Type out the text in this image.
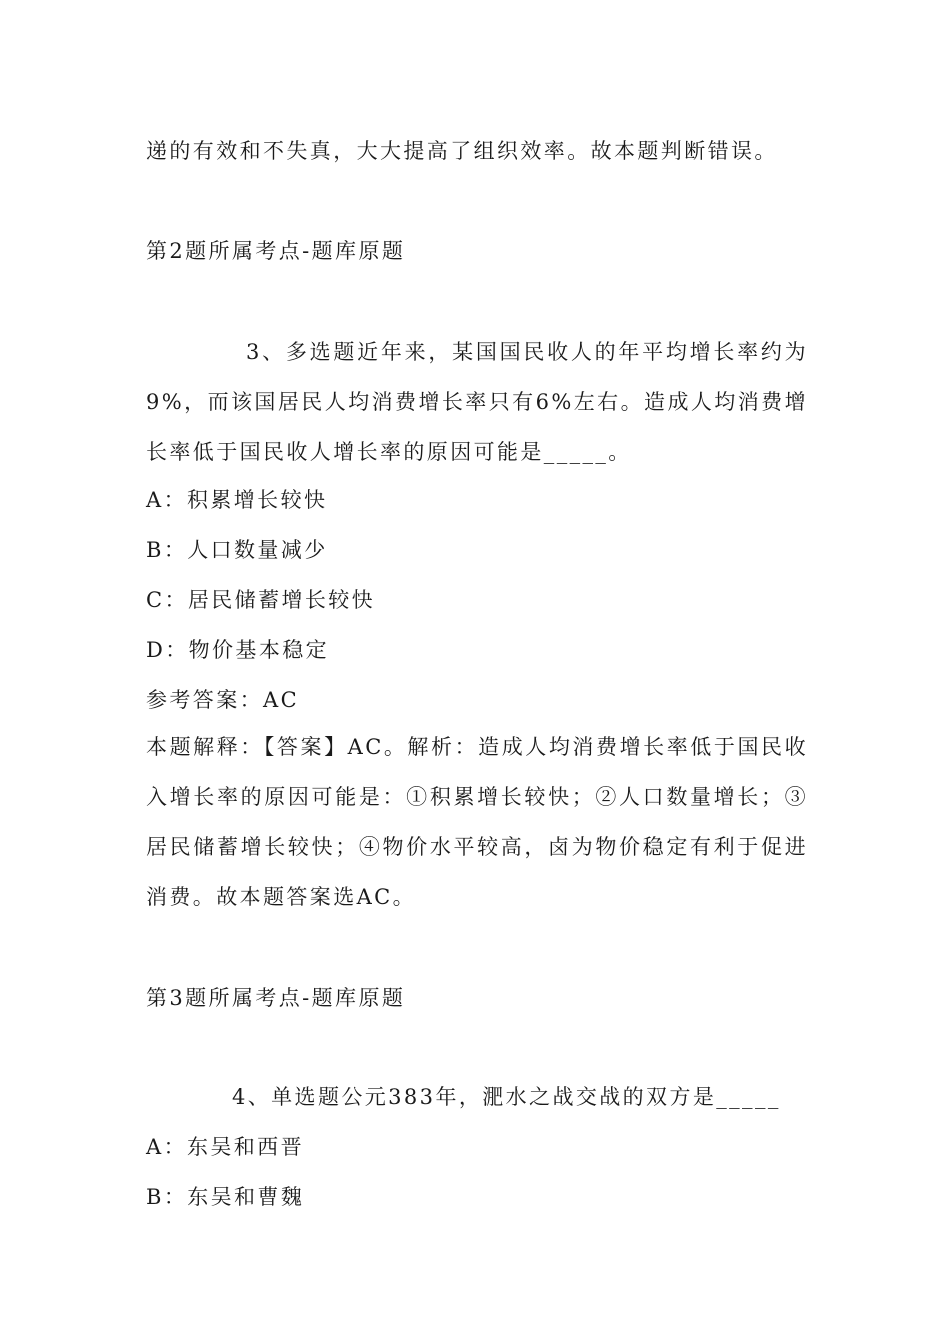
递的有效和不失真，大大提高了组织效率。故本题判断错误。
第2题所属考点-题库原题
3、多选题近年来，某国国民收人的年平均增长率约为9%，而该国居民人均消费增长率只有6%左右。造成人均消费增长率低于国民收人增长率的原因可能是_____。
A：积累增长较快
B：人口数量减少
C：居民储蓄增长较快
D：物价基本稳定
参考答案：AC
本题解释：【答案】AC。解析：造成人均消费增长率低于国民收入增长率的原因可能是：①积累增长较快；②人口数量增长；③居民储蓄增长较快；④物价水平较高，卤为物价稳定有利于促进消费。故本题答案选AC。
第3题所属考点-题库原题
4、单选题公元383年，淝水之战交战的双方是_____
A：东吴和西晋
B：东吴和曹魏
